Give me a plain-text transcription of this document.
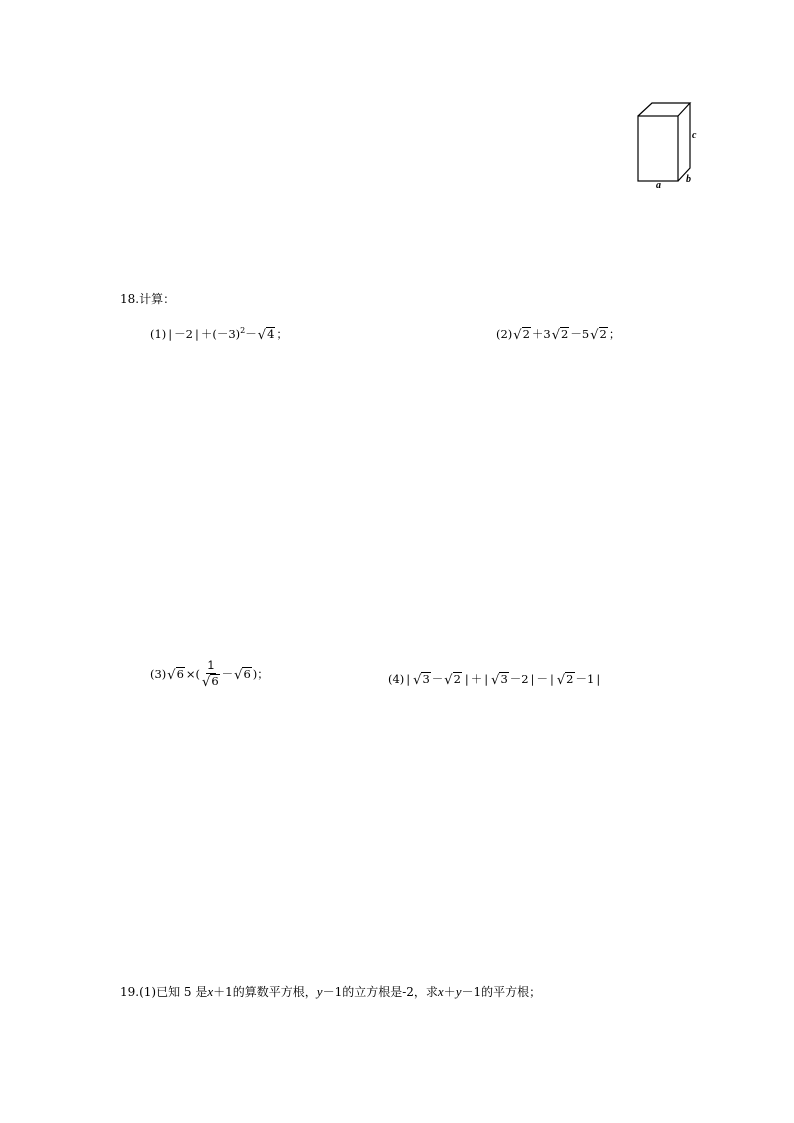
c
a
b
18.计算：
(1) | －2 | ＋ $(-3)^2$ － √ 4 ；	(2) √ 2 ＋3 √ 2 －5 √ 2 ；
(3) √ 6 ×( $\frac{1}{√ 6}$ － √ 6 ) ；	(4) | √ 3 － √ 2 | ＋ | √ 3 －2 | － | √ 2 －1 |
19.(1)已知 5 是x＋1的算数平方根，y－1的立方根是-2，求x＋y－1的平方根；
